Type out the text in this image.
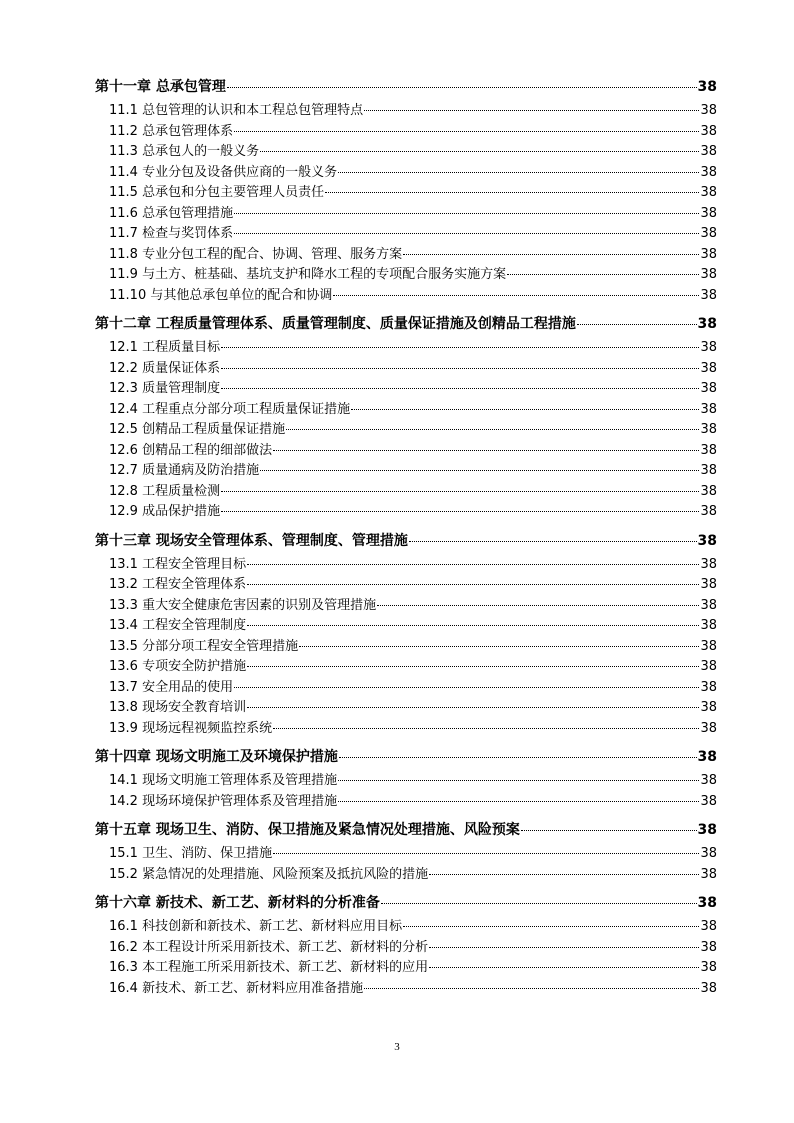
第十一章 总承包管理	38
11.1 总包管理的认识和本工程总包管理特点	38
11.2 总承包管理体系	38
11.3 总承包人的一般义务	38
11.4 专业分包及设备供应商的一般义务	38
11.5 总承包和分包主要管理人员责任	38
11.6 总承包管理措施	38
11.7 检查与奖罚体系	38
11.8 专业分包工程的配合、协调、管理、服务方案	38
11.9 与土方、桩基础、基坑支护和降水工程的专项配合服务实施方案	38
11.10 与其他总承包单位的配合和协调	38
第十二章 工程质量管理体系、质量管理制度、质量保证措施及创精品工程措施	38
12.1 工程质量目标	38
12.2 质量保证体系	38
12.3 质量管理制度	38
12.4 工程重点分部分项工程质量保证措施	38
12.5 创精品工程质量保证措施	38
12.6 创精品工程的细部做法	38
12.7 质量通病及防治措施	38
12.8 工程质量检测	38
12.9 成品保护措施	38
第十三章 现场安全管理体系、管理制度、管理措施	38
13.1 工程安全管理目标	38
13.2 工程安全管理体系	38
13.3 重大安全健康危害因素的识别及管理措施	38
13.4 工程安全管理制度	38
13.5 分部分项工程安全管理措施	38
13.6 专项安全防护措施	38
13.7 安全用品的使用	38
13.8 现场安全教育培训	38
13.9 现场远程视频监控系统	38
第十四章 现场文明施工及环境保护措施	38
14.1 现场文明施工管理体系及管理措施	38
14.2 现场环境保护管理体系及管理措施	38
第十五章 现场卫生、消防、保卫措施及紧急情况处理措施、风险预案	38
15.1 卫生、消防、保卫措施	38
15.2 紧急情况的处理措施、风险预案及抵抗风险的措施	38
第十六章 新技术、新工艺、新材料的分析准备	38
16.1 科技创新和新技术、新工艺、新材料应用目标	38
16.2 本工程设计所采用新技术、新工艺、新材料的分析	38
16.3 本工程施工所采用新技术、新工艺、新材料的应用	38
16.4 新技术、新工艺、新材料应用准备措施	38
3
